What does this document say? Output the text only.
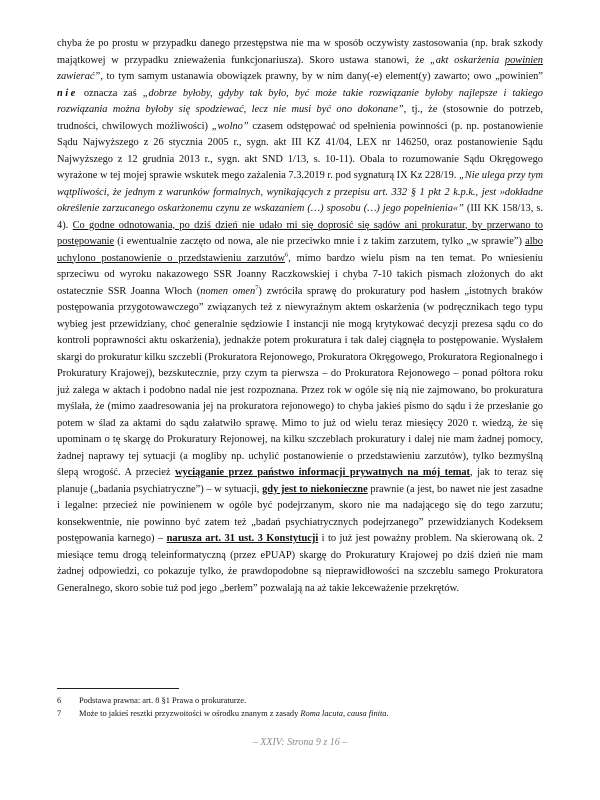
chyba że po prostu w przypadku danego przestępstwa nie ma w sposób oczywisty zastosowania (np. brak szkody majątkowej w przypadku znieważenia funkcjonariusza). Skoro ustawa stanowi, że „akt oskarżenia powinien zawierać”, to tym samym ustanawia obowiązek prawny, by w nim dany(-e) element(y) zawarto; owo „powinien” nie oznacza zaś „dobrze byłoby, gdyby tak było, być może takie rozwiązanie byłoby najlepsze i takiego rozwiązania można byłoby się spodziewać, lecz nie musi być ono dokonane”, tj., że (stosownie do potrzeb, trudności, chwilowych możliwości) „wolno” czasem odstępować od spełnienia powinności (p. np. postanowienie Sądu Najwyższego z 26 stycznia 2005 r., sygn. akt III KZ 41/04, LEX nr 146250, oraz postanowienie Sądu Najwyższego z 12 grudnia 2013 r., sygn. akt SND 1/13, s. 10-11). Obala to rozumowanie Sądu Okręgowego wyrażone w tej mojej sprawie wskutek mego zażalenia 7.3.2019 r. pod sygnaturą IX Kz 228/19. „Nie ulega przy tym wątpliwości, że jednym z warunków formalnych, wynikających z przepisu art. 332 § 1 pkt 2 k.p.k., jest »dokładne określenie zarzucanego oskarżonemu czynu ze wskazaniem (…) sposobu (…) jego popełnienia«” (III KK 158/13, s. 4). Co godne odnotowania, po dziś dzień nie udało mi się doprosić się sądów ani prokuratur, by przerwano to postępowanie (i ewentualnie zaczęto od nowa, ale nie przeciwko mnie i z takim zarzutem, tylko „w sprawie”) albo uchylono postanowienie o przedstawieniu zarzutów$^6$, mimo bardzo wielu pism na ten temat. Po wniesieniu sprzeciwu od wyroku nakazowego SSR Joanny Raczkowskiej i chyba 7-10 takich pismach złożonych do akt ostatecznie SSR Joanna Włoch (nomen omen$^7$) zwróciła sprawę do prokuratury pod hasłem „istotnych braków postępowania przygotowawczego” związanych też z niewyraźnym aktem oskarżenia (w podręcznikach tego typu wybieg jest przewidziany, choć generalnie sędziowie I instancji nie mogą krytykować decyzji prezesa sądu co do kontroli poprawności aktu oskarżenia), jednakże potem prokuratura i tak dalej ciągnęła to postępowanie. Wysłałem skargi do prokuratur kilku szczebli (Prokuratora Rejonowego, Prokuratora Okręgowego, Prokuratora Regionalnego i Prokuratury Krajowej), bezskutecznie, przy czym ta pierwsza – do Prokuratora Rejonowego – ponad półtora roku już zalega w aktach i podobno nadal nie jest rozpoznana. Przez rok w ogóle się nią nie zajmowano, bo prokuratura myślała, że (mimo zaadresowania jej na prokuratora rejonowego) to chyba jakieś pismo do sądu i że przesłanie go potem w ślad za aktami do sądu załatwiło sprawę. Mimo to już od wielu teraz miesięcy 2020 r. wiedzą, że się upominam o tę skargę do Prokuratury Rejonowej, na kilku szczeblach prokuratury i dalej nie mam żadnej pomocy, żadnej naprawy tej sytuacji (a mogliby np. uchylić postanowienie o przedstawieniu zarzutów), tylko bezmyślną ślepą wrogość. A przecież wyciąganie przez państwo informacji prywatnych na mój temat, jak to teraz się planuje („badania psychiatryczne”) – w sytuacji, gdy jest to niekonieczne prawnie (a jest, bo nawet nie jest zasadne i legalne: przecież nie powinienem w ogóle być podejrzanym, skoro nie ma nadającego się do tego zarzutu; konsekwentnie, nie powinno być zatem też „badań psychiatrycznych podejrzanego” przewidzianych Kodeksem postępowania karnego) – narusza art. 31 ust. 3 Konstytucji i to już jest poważny problem. Na skierowaną ok. 2 miesiące temu drogą teleinformatyczną (przez ePUAP) skargę do Prokuratury Krajowej po dziś dzień nie mam żadnej odpowiedzi, co pokazuje tylko, że prawdopodobne są nieprawidłowości na szczeblu samego Prokuratora Generalnego, skoro sobie tuż pod jego „berłem” pozwalają na aż takie lekceważenie przekrętów.

6	Podstawa prawna: art. 8 §1 Prawa o prokuraturze.
7	Może to jakieś resztki przyzwoitości w ośrodku znanym z zasady Roma lacuta, causa finita.
– XXIV: Strona 9 z 16 –
